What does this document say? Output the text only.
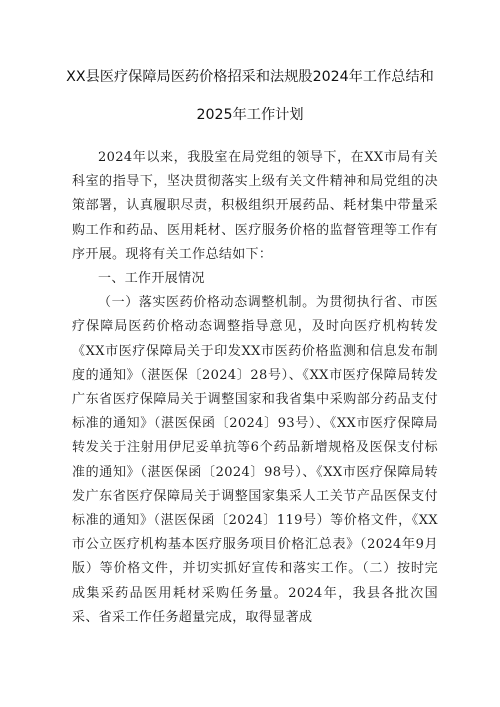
XX县医疗保障局医药价格招采和法规股2024年工作总结和
2025年工作计划

2024年以来，我股室在局党组的领导下，在XX市局有关科室的指导下，坚决贯彻落实上级有关文件精神和局党组的决策部署，认真履职尽责，积极组织开展药品、耗材集中带量采购工作和药品、医用耗材、医疗服务价格的监督管理等工作有序开展。现将有关工作总结如下：

一、工作开展情况

（一）落实医药价格动态调整机制。为贯彻执行省、市医疗保障局医药价格动态调整指导意见，及时向医疗机构转发《XX市医疗保障局关于印发XX市医药价格监测和信息发布制度的通知》（湛医保〔2024〕28号）、《XX市医疗保障局转发广东省医疗保障局关于调整国家和我省集中采购部分药品支付标准的通知》（湛医保函〔2024〕93号）、《XX市医疗保障局转发关于注射用伊尼妥单抗等6个药品新增规格及医保支付标准的通知》（湛医保函〔2024〕98号）、《XX市医疗保障局转发广东省医疗保障局关于调整国家集采人工关节产品医保支付标准的通知》（湛医保函〔2024〕119号）等价格文件，《XX市公立医疗机构基本医疗服务项目价格汇总表》（2024年9月版）等价格文件，并切实抓好宣传和落实工作。（二）按时完成集采药品医用耗材采购任务量。2024年，我县各批次国采、省采工作任务超量完成，取得显著成
